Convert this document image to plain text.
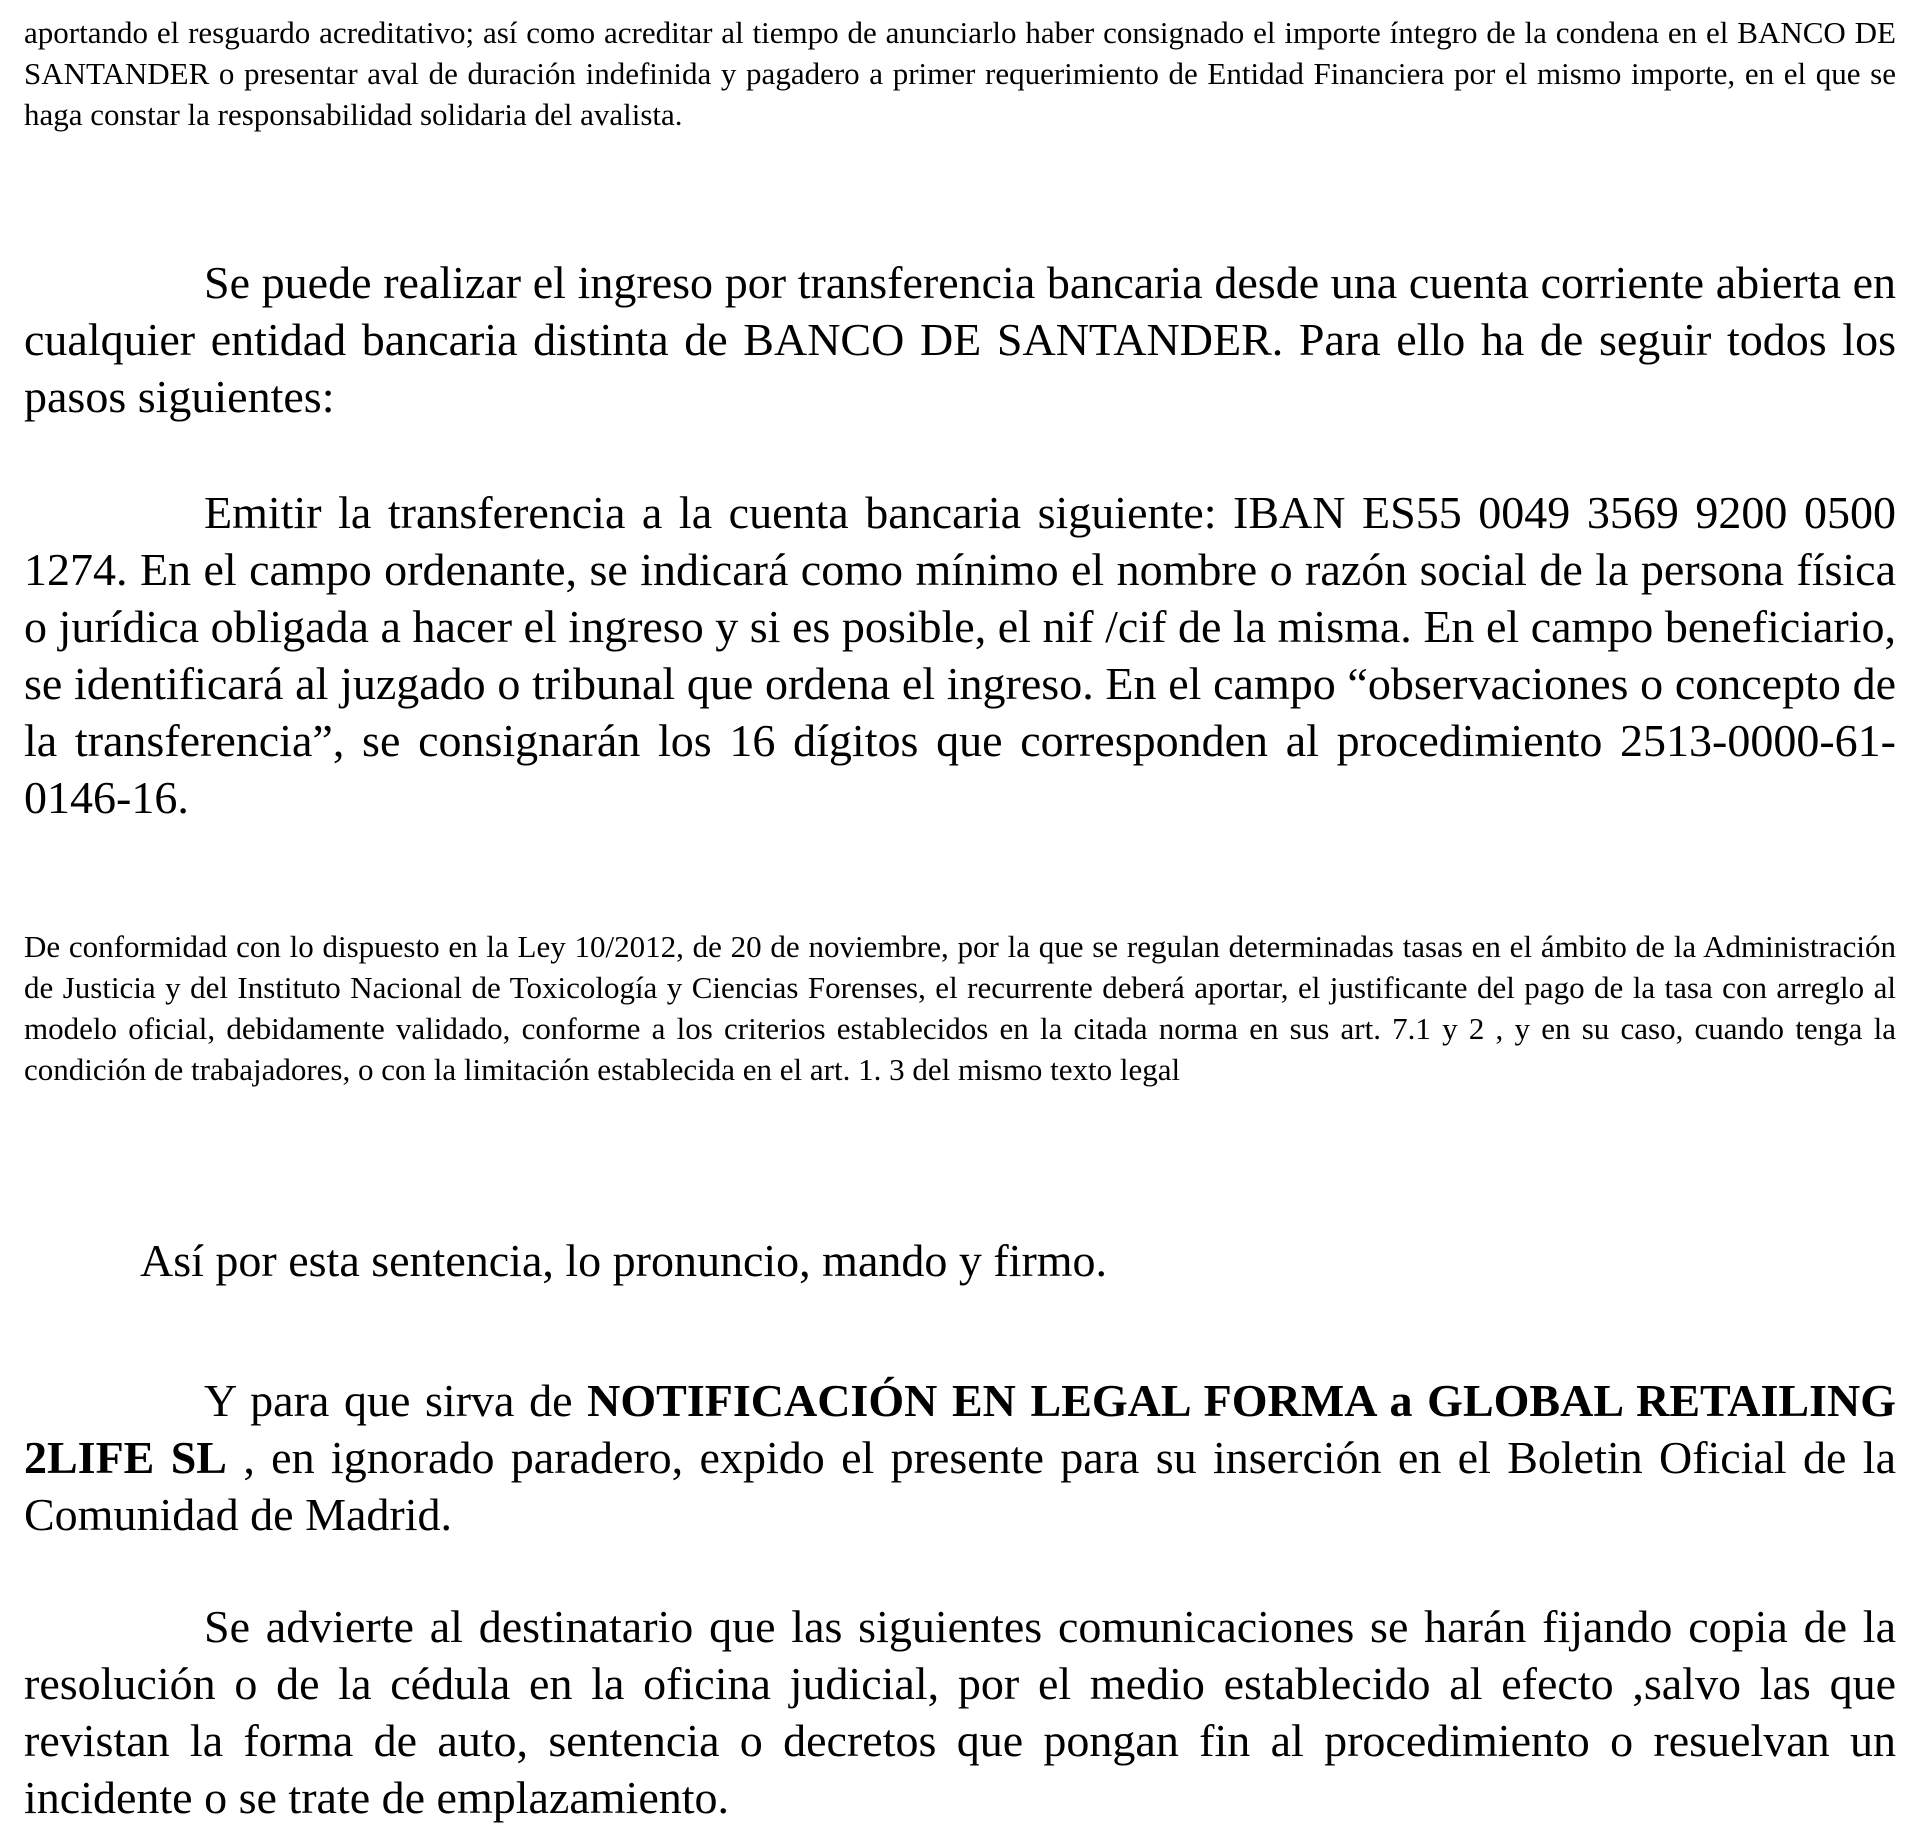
aportando el resguardo acreditativo; así como acreditar al tiempo de anunciarlo haber consignado el importe íntegro de la condena en el BANCO DE SANTANDER o presentar aval de duración indefinida y pagadero a primer requerimiento de Entidad Financiera por el mismo importe, en el que se haga constar la responsabilidad solidaria del avalista.

Se puede realizar el ingreso por transferencia bancaria desde una cuenta corriente abierta en cualquier entidad bancaria distinta de BANCO DE SANTANDER. Para ello ha de seguir todos los pasos siguientes:

Emitir la transferencia a la cuenta bancaria siguiente: IBAN ES55 0049 3569 9200 0500 1274. En el campo ordenante, se indicará como mínimo el nombre o razón social de la persona física o jurídica obligada a hacer el ingreso y si es posible, el nif /cif de la misma. En el campo beneficiario, se identificará al juzgado o tribunal que ordena el ingreso. En el campo “observaciones o concepto de la transferencia”, se consignarán los 16 dígitos que corresponden al procedimiento 2513-0000-61-0146-16.

De conformidad con lo dispuesto en la Ley 10/2012, de 20 de noviembre, por la que se regulan determinadas tasas en el ámbito de la Administración de Justicia y del Instituto Nacional de Toxicología y Ciencias Forenses, el recurrente deberá aportar, el justificante del pago de la tasa con arreglo al modelo oficial, debidamente validado, conforme a los criterios establecidos en la citada norma en sus art. 7.1 y 2 , y en su caso, cuando tenga la condición de trabajadores, o con la limitación establecida en el art. 1. 3 del mismo texto legal

Así por esta sentencia, lo pronuncio, mando y firmo.

Y para que sirva de NOTIFICACIÓN EN LEGAL FORMA a GLOBAL RETAILING 2LIFE SL , en ignorado paradero, expido el presente para su inserción en el Boletin Oficial de la Comunidad de Madrid.

Se advierte al destinatario que las siguientes comunicaciones se harán fijando copia de la resolución o de la cédula en la oficina judicial, por el medio establecido al efecto ,salvo las que revistan la forma de auto, sentencia o decretos que pongan fin al procedimiento o resuelvan un incidente o se trate de emplazamiento.
